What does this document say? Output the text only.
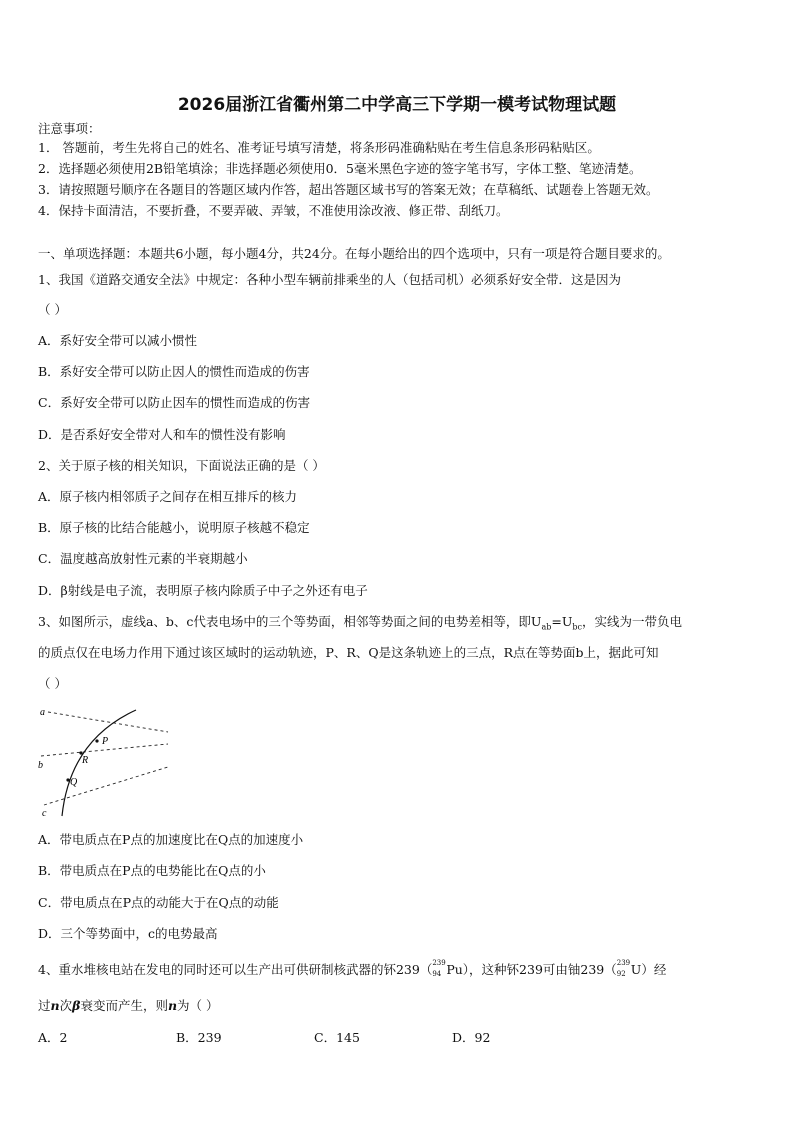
2026届浙江省衢州第二中学高三下学期一模考试物理试题
注意事项：
1． 答题前，考生先将自己的姓名、准考证号填写清楚，将条形码准确粘贴在考生信息条形码粘贴区。
2．选择题必须使用2B铅笔填涂；非选择题必须使用0．5毫米黑色字迹的签字笔书写，字体工整、笔迹清楚。
3．请按照题号顺序在各题目的答题区域内作答，超出答题区域书写的答案无效；在草稿纸、试题卷上答题无效。
4．保持卡面清洁，不要折叠，不要弄破、弄皱，不准使用涂改液、修正带、刮纸刀。
一、单项选择题：本题共6小题，每小题4分，共24分。在每小题给出的四个选项中，只有一项是符合题目要求的。
1、我国《道路交通安全法》中规定：各种小型车辆前排乘坐的人（包括司机）必须系好安全带．这是因为
（ ）
A．系好安全带可以减小惯性
B．系好安全带可以防止因人的惯性而造成的伤害
C．系好安全带可以防止因车的惯性而造成的伤害
D．是否系好安全带对人和车的惯性没有影响
2、关于原子核的相关知识，下面说法正确的是（ ）
A．原子核内相邻质子之间存在相互排斥的核力
B．原子核的比结合能越小，说明原子核越不稳定
C．温度越高放射性元素的半衰期越小
D．β射线是电子流，表明原子核内除质子中子之外还有电子
3、如图所示，虚线a、b、c代表电场中的三个等势面，相邻等势面之间的电势差相等，即$U_{ab}=U_{bc}$，实线为一带负电
的质点仅在电场力作用下通过该区域时的运动轨迹，P、R、Q是这条轨迹上的三点，R点在等势面b上，据此可知
（ ）
a
b
c
P
R
Q
A．带电质点在P点的加速度比在Q点的加速度小
B．带电质点在P点的电势能比在Q点的小
C．带电质点在P点的动能大于在Q点的动能
D．三个等势面中，c的电势最高
4、重水堆核电站在发电的同时还可以生产出可供研制核武器的钚239（ 239
94 Pu），这种钚239可由铀239（ 239
92 U）经
过n次β衰变而产生，则n为（ ）
A．2	B．239	C．145	D．92
